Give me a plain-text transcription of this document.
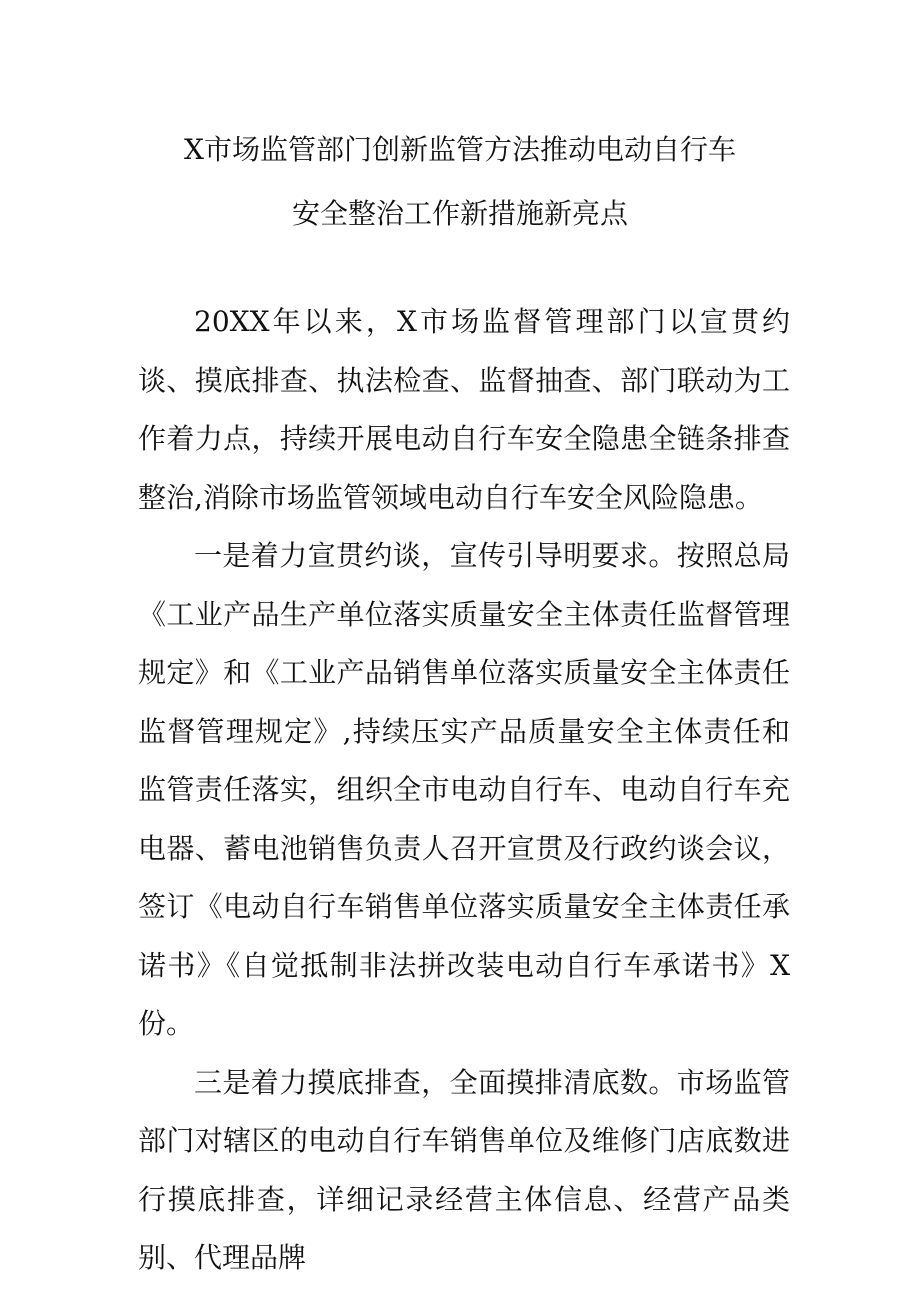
X市场监管部门创新监管方法推动电动自行车
安全整治工作新措施新亮点

20XX年以来，X市场监督管理部门以宣贯约谈、摸底排查、执法检查、监督抽查、部门联动为工作着力点，持续开展电动自行车安全隐患全链条排查整治,消除市场监管领域电动自行车安全风险隐患。

一是着力宣贯约谈，宣传引导明要求。按照总局《工业产品生产单位落实质量安全主体责任监督管理规定》和《工业产品销售单位落实质量安全主体责任监督管理规定》,持续压实产品质量安全主体责任和监管责任落实，组织全市电动自行车、电动自行车充电器、蓄电池销售负责人召开宣贯及行政约谈会议，签订《电动自行车销售单位落实质量安全主体责任承诺书》《自觉抵制非法拼改装电动自行车承诺书》X份。

三是着力摸底排查，全面摸排清底数。市场监管部门对辖区的电动自行车销售单位及维修门店底数进行摸底排查，详细记录经营主体信息、经营产品类别、代理品牌
